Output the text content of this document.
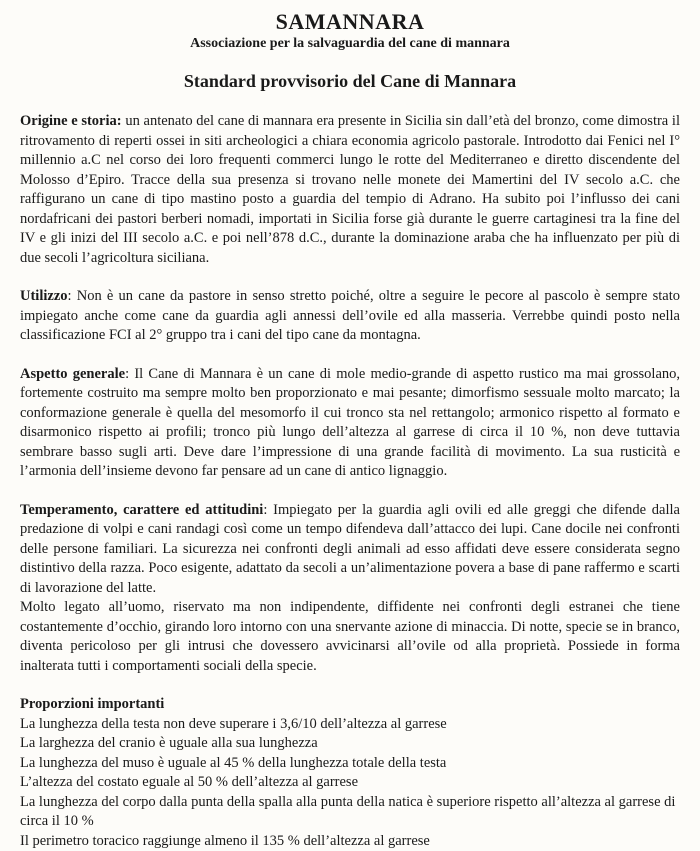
SAMANNARA
Associazione per la salvaguardia del cane di mannara
Standard provvisorio del Cane di Mannara

Origine e storia: un antenato del cane di mannara era presente in Sicilia sin dall’età del bronzo, come dimostra il ritrovamento di reperti ossei in siti archeologici a chiara economia agricolo pastorale. Introdotto dai Fenici nel I° millennio a.C nel corso dei loro frequenti commerci lungo le rotte del Mediterraneo e diretto discendente del Molosso d’Epiro. Tracce della sua presenza si trovano nelle monete dei Mamertini del IV secolo a.C. che raffigurano un cane di tipo mastino posto a guardia del tempio di Adrano. Ha subito poi l’influsso dei cani nordafricani dei pastori berberi nomadi, importati in Sicilia forse già durante le guerre cartaginesi tra la fine del IV e gli inizi del III secolo a.C. e poi nell’878 d.C., durante la dominazione araba che ha influenzato per più di due secoli l’agricoltura siciliana.

Utilizzo: Non è un cane da pastore in senso stretto poiché, oltre a seguire le pecore al pascolo è sempre stato impiegato anche come cane da guardia agli annessi dell’ovile ed alla masseria. Verrebbe quindi posto nella classificazione FCI al 2° gruppo tra i cani del tipo cane da montagna.

Aspetto generale: Il Cane di Mannara è un cane di mole medio-grande di aspetto rustico ma mai grossolano, fortemente costruito ma sempre molto ben proporzionato e mai pesante; dimorfismo sessuale molto marcato; la conformazione generale è quella del mesomorfo il cui tronco sta nel rettangolo; armonico rispetto al formato e disarmonico rispetto ai profili; tronco più lungo dell’altezza al garrese di circa il 10 %, non deve tuttavia sembrare basso sugli arti. Deve dare l’impressione di una grande facilità di movimento. La sua rusticità e l’armonia dell’insieme devono far pensare ad un cane di antico lignaggio.

Temperamento, carattere ed attitudini: Impiegato per la guardia agli ovili ed alle greggi che difende dalla predazione di volpi e cani randagi così come un tempo difendeva dall’attacco dei lupi. Cane docile nei confronti delle persone familiari. La sicurezza nei confronti degli animali ad esso affidati deve essere considerata segno distintivo della razza. Poco esigente, adattato da secoli a un’alimentazione povera a base di pane raffermo e scarti di lavorazione del latte.

Molto legato all’uomo, riservato ma non indipendente, diffidente nei confronti degli estranei che tiene costantemente d’occhio, girando loro intorno con una snervante azione di minaccia. Di notte, specie se in branco, diventa pericoloso per gli intrusi che dovessero avvicinarsi all’ovile od alla proprietà. Possiede in forma inalterata tutti i comportamenti sociali della specie.

Proporzioni importanti
La lunghezza della testa non deve superare i 3,6/10 dell’altezza al garrese
La larghezza del cranio è uguale alla sua lunghezza
La lunghezza del muso è uguale al 45 % della lunghezza totale della testa
L’altezza del costato eguale al 50 % dell’altezza al garrese
La lunghezza del corpo dalla punta della spalla alla punta della natica è superiore rispetto all’altezza al garrese di circa il 10 %
Il perimetro toracico raggiunge almeno il 135 % dell’altezza al garrese
